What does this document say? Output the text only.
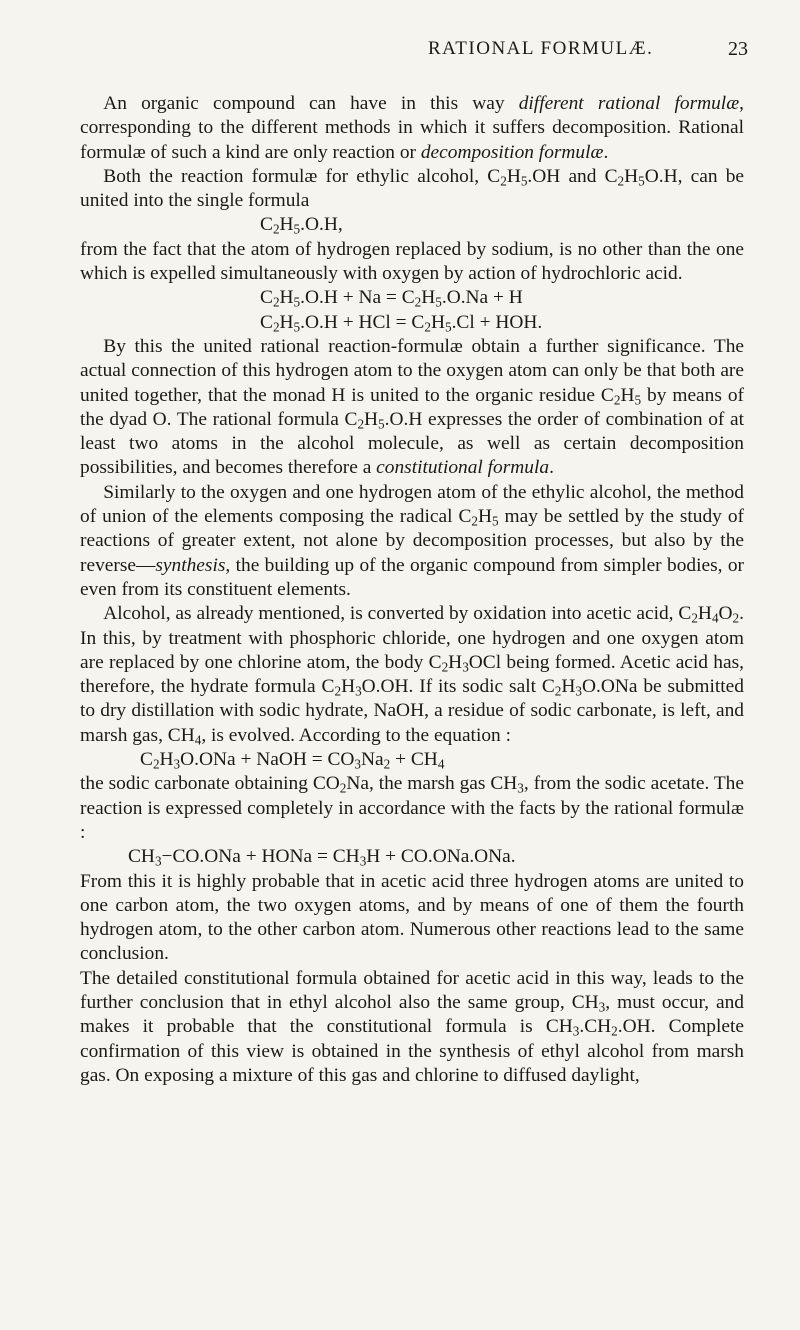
RATIONAL FORMULÆ.	23

An organic compound can have in this way different rational formulæ, corresponding to the different methods in which it suffers decomposition. Rational formulæ of such a kind are only reaction or decomposition formulæ.

Both the reaction formulæ for ethylic alcohol, $C_2H_5.OH$ and $C_2H_5O.H$, can be united into the single formula

$C_2H_5.O.H$,

from the fact that the atom of hydrogen replaced by sodium, is no other than the one which is expelled simultaneously with oxygen by action of hydrochloric acid.

$C_2H_5.O.H + Na = C_2H_5.O.Na + H$

$C_2H_5.O.H$ + HCl = $C_2H_5.Cl$ + HOH.

By this the united rational reaction-formulæ obtain a further significance. The actual connection of this hydrogen atom to the oxygen atom can only be that both are united together, that the monad H is united to the organic residue $C_2H_5$ by means of the dyad O. The rational formula $C_2H_5.O.H$ expresses the order of combination of at least two atoms in the alcohol molecule, as well as certain decomposition possibilities, and becomes therefore a constitutional formula.

Similarly to the oxygen and one hydrogen atom of the ethylic alcohol, the method of union of the elements composing the radical $C_2H_5$ may be settled by the study of reactions of greater extent, not alone by decomposition processes, but also by the reverse—synthesis, the building up of the organic compound from simpler bodies, or even from its constituent elements.

Alcohol, as already mentioned, is converted by oxidation into acetic acid, $C_2H_4O_2$. In this, by treatment with phosphoric chloride, one hydrogen and one oxygen atom are replaced by one chlorine atom, the body $C_2H_3OCl$ being formed. Acetic acid has, therefore, the hydrate formula $C_2H_3O.OH$. If its sodic salt $C_2H_3O.ONa$ be submitted to dry distillation with sodic hydrate, NaOH, a residue of sodic carbonate, is left, and marsh gas, $CH_4$, is evolved. According to the equation :

$C_2H_3O.ONa$ + NaOH = $CO_3Na_2 + CH_4$

the sodic carbonate obtaining $CO_2Na$, the marsh gas $CH_3$, from the sodic acetate. The reaction is expressed completely in accordance with the facts by the rational formulæ :

$CH_3-CO.ONa$ + HONa = $CH_3H + CO.ONa.ONa$.

From this it is highly probable that in acetic acid three hydrogen atoms are united to one carbon atom, the two oxygen atoms, and by means of one of them the fourth hydrogen atom, to the other carbon atom. Numerous other reactions lead to the same conclusion.

The detailed constitutional formula obtained for acetic acid in this way, leads to the further conclusion that in ethyl alcohol also the same group, $CH_3$, must occur, and makes it probable that the constitutional formula is $CH_3.CH_2.OH$. Complete confirmation of this view is obtained in the synthesis of ethyl alcohol from marsh gas. On exposing a mixture of this gas and chlorine to diffused daylight,
